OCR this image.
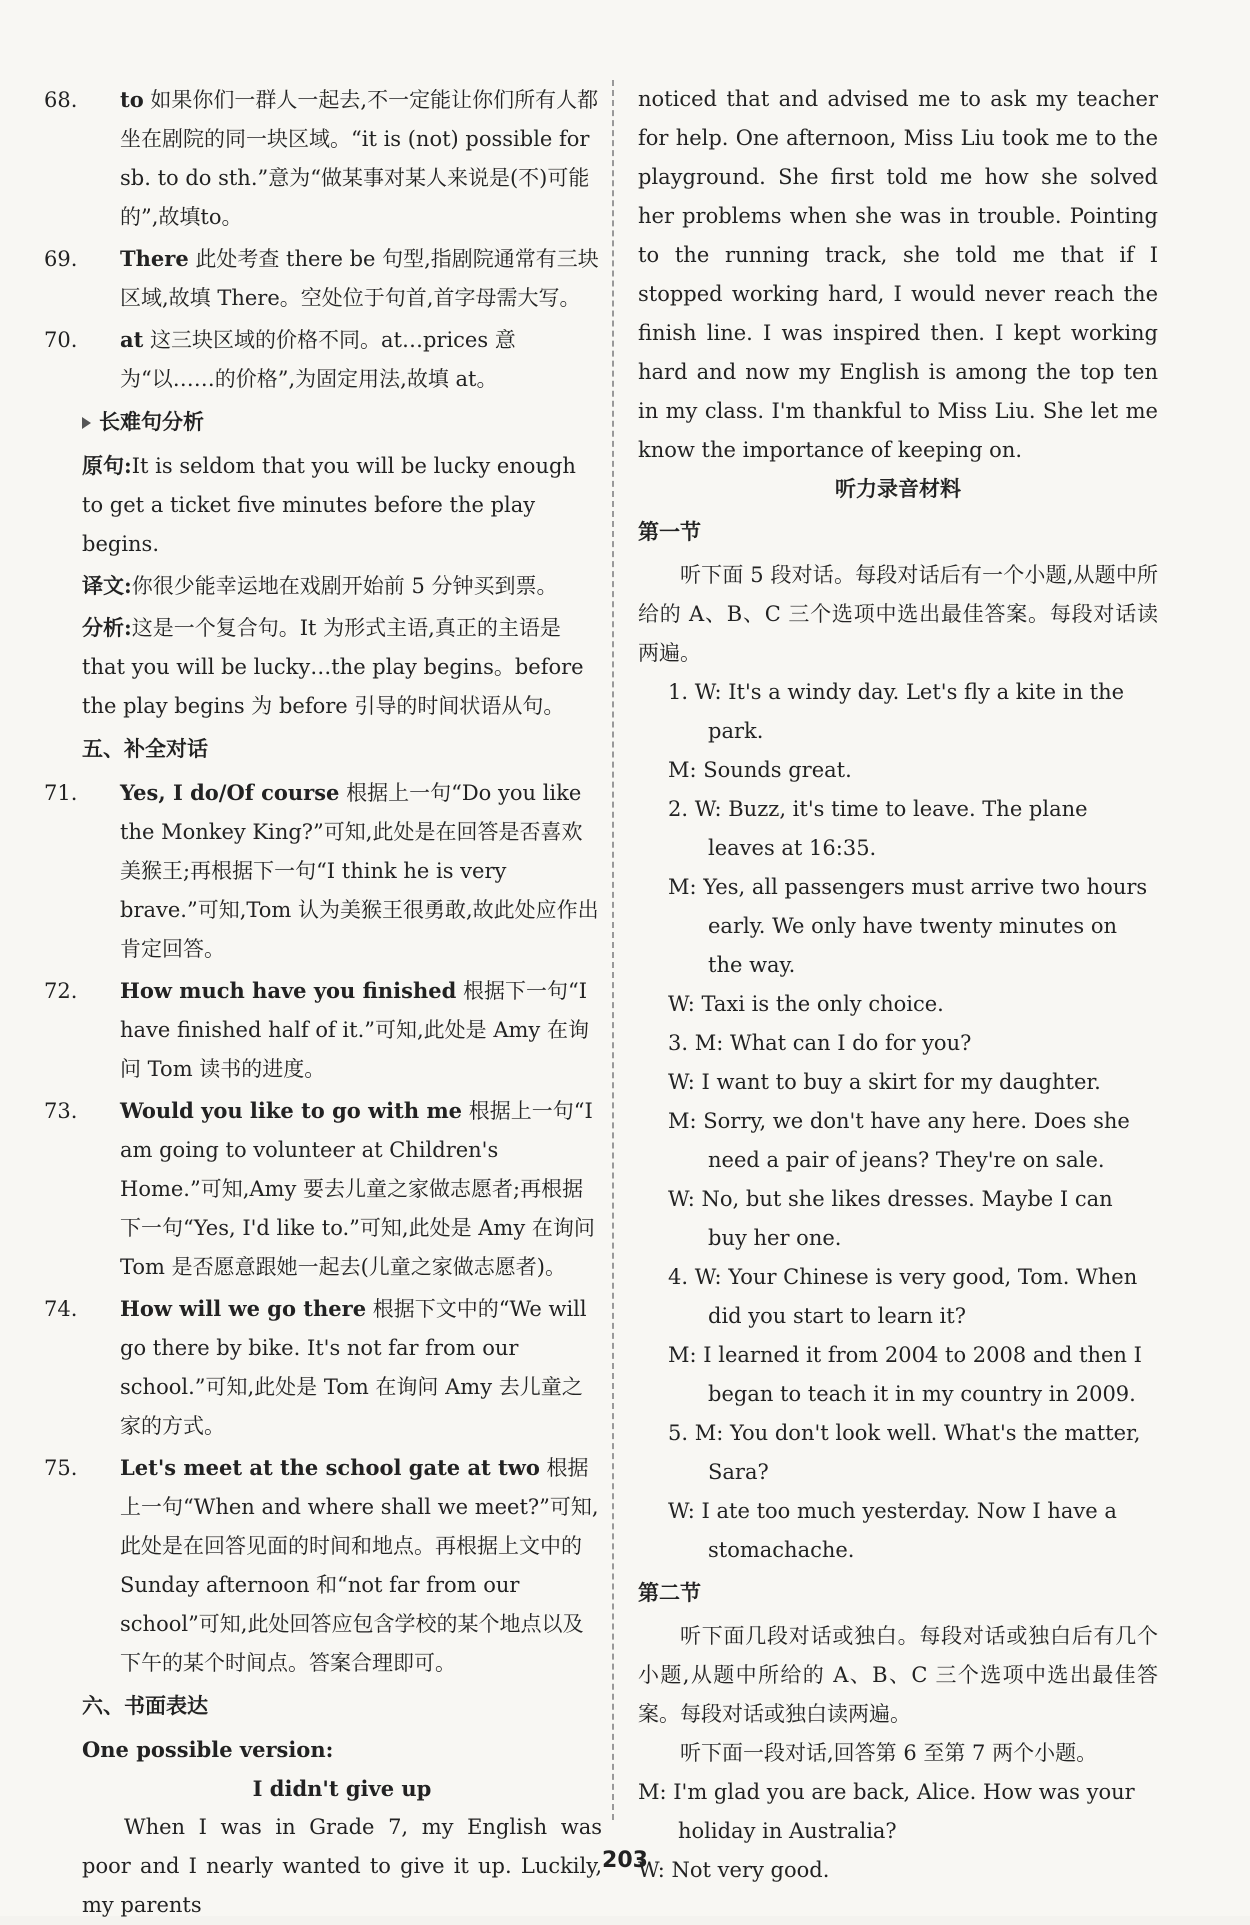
68. to 如果你们一群人一起去,不一定能让你们所有人都坐在剧院的同一块区域。“it is (not) possible for sb. to do sth.”意为“做某事对某人来说是(不)可能的”,故填to。
69. There 此处考查 there be 句型,指剧院通常有三块区域,故填 There。空处位于句首,首字母需大写。
70. at 这三块区域的价格不同。at…prices 意为“以……的价格”,为固定用法,故填 at。
长难句分析
原句:It is seldom that you will be lucky enough to get a ticket five minutes before the play begins.
译文:你很少能幸运地在戏剧开始前 5 分钟买到票。
分析:这是一个复合句。It 为形式主语,真正的主语是 that you will be lucky…the play begins。before the play begins 为 before 引导的时间状语从句。
五、补全对话
71. Yes, I do/Of course 根据上一句“Do you like the Monkey King?”可知,此处是在回答是否喜欢美猴王;再根据下一句“I think he is very brave.”可知,Tom 认为美猴王很勇敢,故此处应作出肯定回答。
72. How much have you finished 根据下一句“I have finished half of it.”可知,此处是 Amy 在询问 Tom 读书的进度。
73. Would you like to go with me 根据上一句“I am going to volunteer at Children's Home.”可知,Amy 要去儿童之家做志愿者;再根据下一句“Yes, I'd like to.”可知,此处是 Amy 在询问 Tom 是否愿意跟她一起去(儿童之家做志愿者)。
74. How will we go there 根据下文中的“We will go there by bike. It's not far from our school.”可知,此处是 Tom 在询问 Amy 去儿童之家的方式。
75. Let's meet at the school gate at two 根据上一句“When and where shall we meet?”可知,此处是在回答见面的时间和地点。再根据上文中的 Sunday afternoon 和“not far from our school”可知,此处回答应包含学校的某个地点以及下午的某个时间点。答案合理即可。
六、书面表达
One possible version:
I didn't give up
When I was in Grade 7, my English was poor and I nearly wanted to give it up. Luckily, my parents
noticed that and advised me to ask my teacher for help. One afternoon, Miss Liu took me to the playground. She first told me how she solved her problems when she was in trouble. Pointing to the running track, she told me that if I stopped working hard, I would never reach the finish line. I was inspired then. I kept working hard and now my English is among the top ten in my class. I'm thankful to Miss Liu. She let me know the importance of keeping on.
听力录音材料
第一节
听下面 5 段对话。每段对话后有一个小题,从题中所给的 A、B、C 三个选项中选出最佳答案。每段对话读两遍。
1. W: It's a windy day. Let's fly a kite in the park.
M: Sounds great.
2. W: Buzz, it's time to leave. The plane leaves at 16:35.
M: Yes, all passengers must arrive two hours early. We only have twenty minutes on the way.
W: Taxi is the only choice.
3. M: What can I do for you?
W: I want to buy a skirt for my daughter.
M: Sorry, we don't have any here. Does she need a pair of jeans? They're on sale.
W: No, but she likes dresses. Maybe I can buy her one.
4. W: Your Chinese is very good, Tom. When did you start to learn it?
M: I learned it from 2004 to 2008 and then I began to teach it in my country in 2009.
5. M: You don't look well. What's the matter, Sara?
W: I ate too much yesterday. Now I have a stomachache.
第二节
听下面几段对话或独白。每段对话或独白后有几个小题,从题中所给的 A、B、C 三个选项中选出最佳答案。每段对话或独白读两遍。
听下面一段对话,回答第 6 至第 7 两个小题。
M: I'm glad you are back, Alice. How was your holiday in Australia?
W: Not very good.
203
